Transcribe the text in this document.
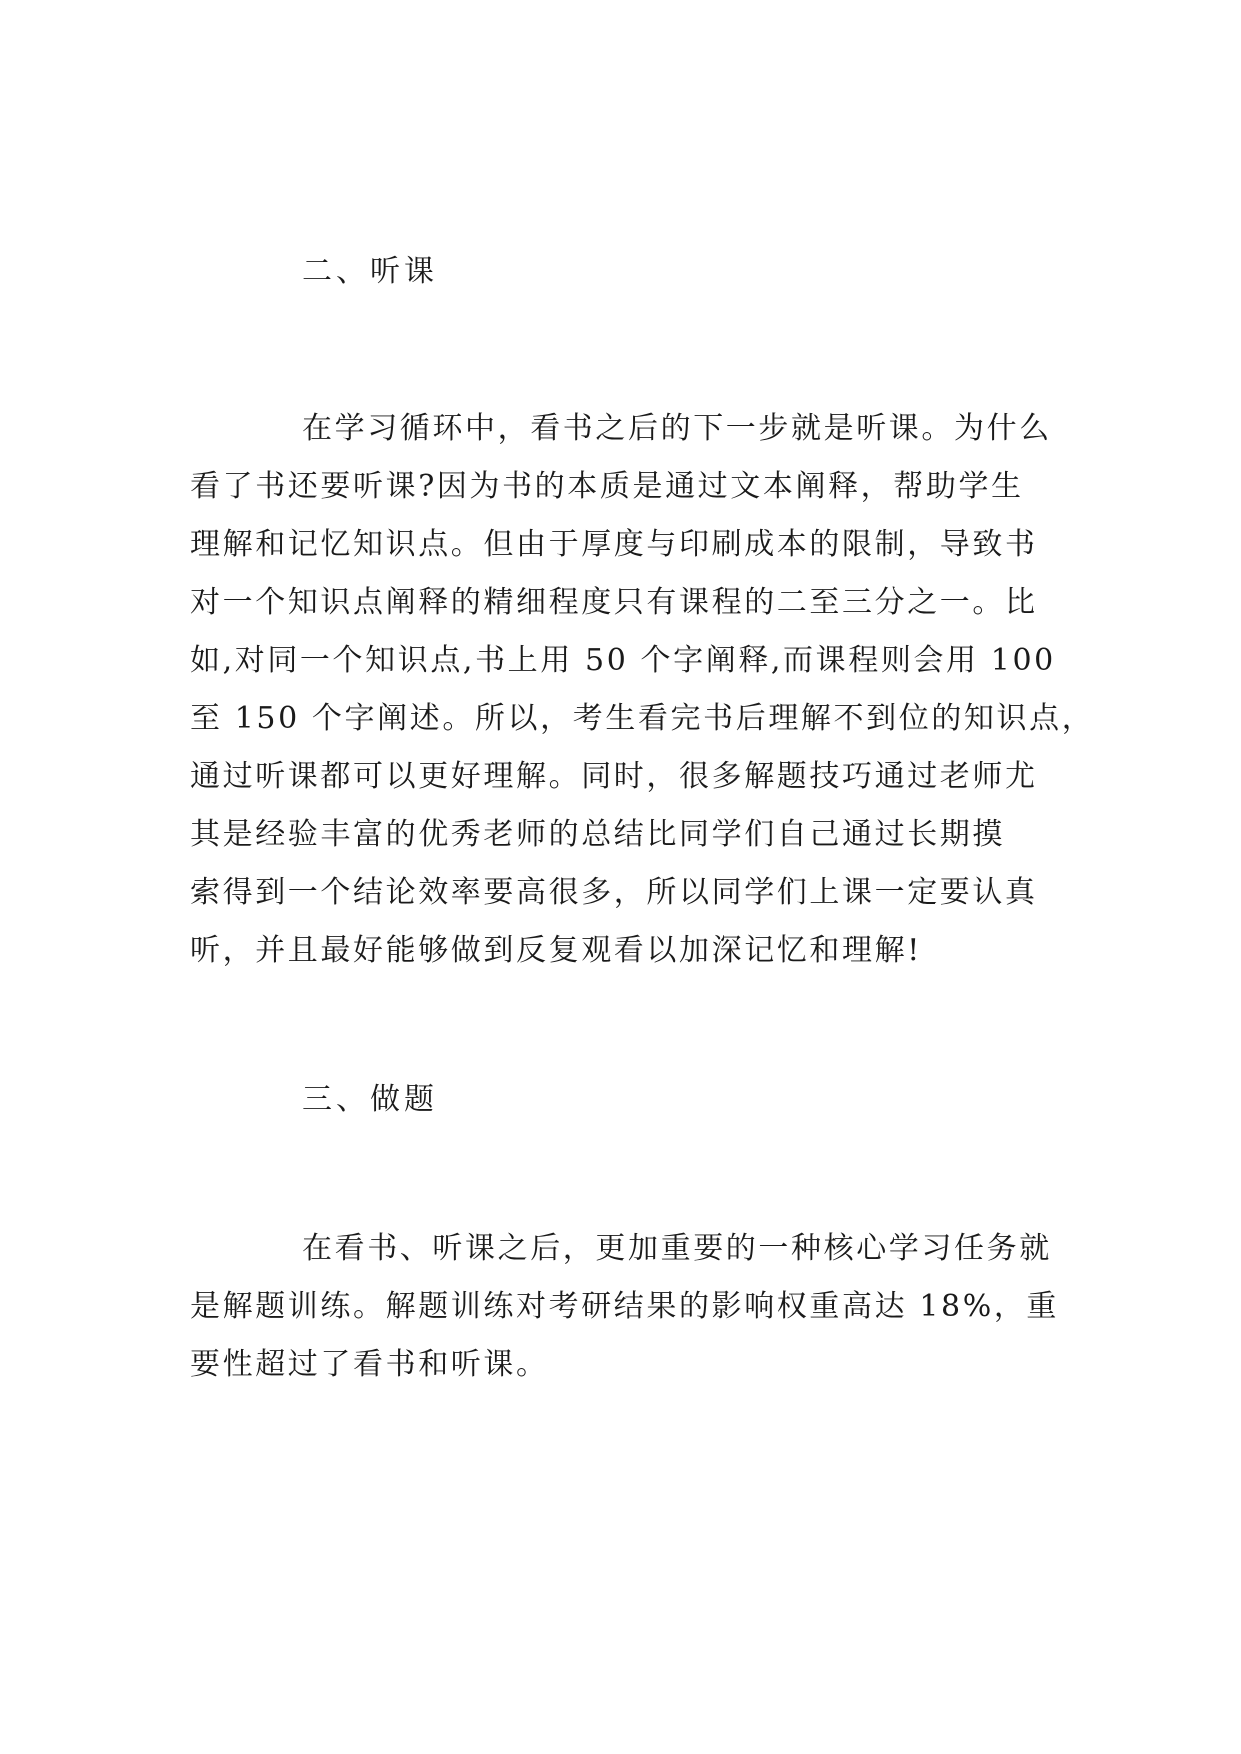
二、听课
在学习循环中，看书之后的下一步就是听课。为什么
看了书还要听课?因为书的本质是通过文本阐释，帮助学生
理解和记忆知识点。但由于厚度与印刷成本的限制，导致书
对一个知识点阐释的精细程度只有课程的二至三分之一。比
如,对同一个知识点,书上用 50 个字阐释,而课程则会用 100
至 150 个字阐述。所以，考生看完书后理解不到位的知识点，
通过听课都可以更好理解。同时，很多解题技巧通过老师尤
其是经验丰富的优秀老师的总结比同学们自己通过长期摸
索得到一个结论效率要高很多，所以同学们上课一定要认真
听，并且最好能够做到反复观看以加深记忆和理解!
三、做题
在看书、听课之后，更加重要的一种核心学习任务就
是解题训练。解题训练对考研结果的影响权重高达 18%，重
要性超过了看书和听课。
